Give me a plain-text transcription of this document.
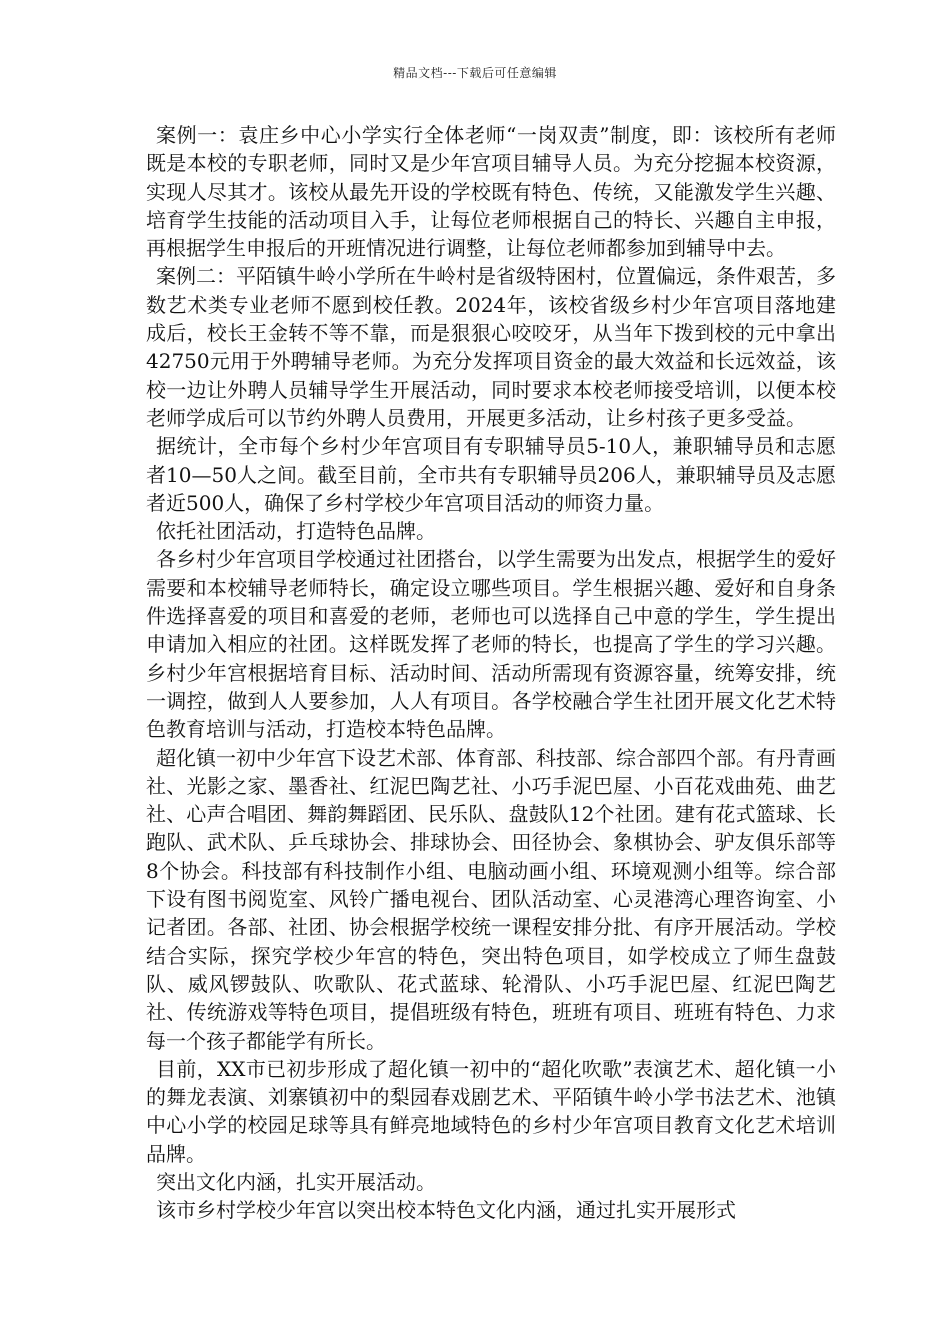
精品文档---下载后可任意编辑

案例一：袁庄乡中心小学实行全体老师“一岗双责”制度，即：该校所有老师既是本校的专职老师，同时又是少年宫项目辅导人员。为充分挖掘本校资源，实现人尽其才。该校从最先开设的学校既有特色、传统，又能激发学生兴趣、培育学生技能的活动项目入手，让每位老师根据自己的特长、兴趣自主申报，再根据学生申报后的开班情况进行调整，让每位老师都参加到辅导中去。

案例二：平陌镇牛岭小学所在牛岭村是省级特困村，位置偏远，条件艰苦，多数艺术类专业老师不愿到校任教。2024年，该校省级乡村少年宫项目落地建成后，校长王金转不等不靠，而是狠狠心咬咬牙，从当年下拨到校的元中拿出42750元用于外聘辅导老师。为充分发挥项目资金的最大效益和长远效益，该校一边让外聘人员辅导学生开展活动，同时要求本校老师接受培训，以便本校老师学成后可以节约外聘人员费用，开展更多活动，让乡村孩子更多受益。

据统计，全市每个乡村少年宫项目有专职辅导员5-10人，兼职辅导员和志愿者10—50人之间。截至目前，全市共有专职辅导员206人，兼职辅导员及志愿者近500人，确保了乡村学校少年宫项目活动的师资力量。

依托社团活动，打造特色品牌。

各乡村少年宫项目学校通过社团搭台，以学生需要为出发点，根据学生的爱好需要和本校辅导老师特长，确定设立哪些项目。学生根据兴趣、爱好和自身条件选择喜爱的项目和喜爱的老师，老师也可以选择自己中意的学生，学生提出申请加入相应的社团。这样既发挥了老师的特长，也提高了学生的学习兴趣。乡村少年宫根据培育目标、活动时间、活动所需现有资源容量，统筹安排，统一调控，做到人人要参加，人人有项目。各学校融合学生社团开展文化艺术特色教育培训与活动，打造校本特色品牌。

超化镇一初中少年宫下设艺术部、体育部、科技部、综合部四个部。有丹青画社、光影之家、墨香社、红泥巴陶艺社、小巧手泥巴屋、小百花戏曲苑、曲艺社、心声合唱团、舞韵舞蹈团、民乐队、盘鼓队12个社团。建有花式篮球、长跑队、武术队、乒乓球协会、排球协会、田径协会、象棋协会、驴友俱乐部等8个协会。科技部有科技制作小组、电脑动画小组、环境观测小组等。综合部下设有图书阅览室、风铃广播电视台、团队活动室、心灵港湾心理咨询室、小记者团。各部、社团、协会根据学校统一课程安排分批、有序开展活动。学校结合实际，探究学校少年宫的特色，突出特色项目，如学校成立了师生盘鼓队、威风锣鼓队、吹歌队、花式蓝球、轮滑队、小巧手泥巴屋、红泥巴陶艺社、传统游戏等特色项目，提倡班级有特色，班班有项目、班班有特色、力求每一个孩子都能学有所长。

目前，XX市已初步形成了超化镇一初中的“超化吹歌”表演艺术、超化镇一小的舞龙表演、刘寨镇初中的梨园春戏剧艺术、平陌镇牛岭小学书法艺术、池镇中心小学的校园足球等具有鲜亮地域特色的乡村少年宫项目教育文化艺术培训品牌。

突出文化内涵，扎实开展活动。

该市乡村学校少年宫以突出校本特色文化内涵，通过扎实开展形式
